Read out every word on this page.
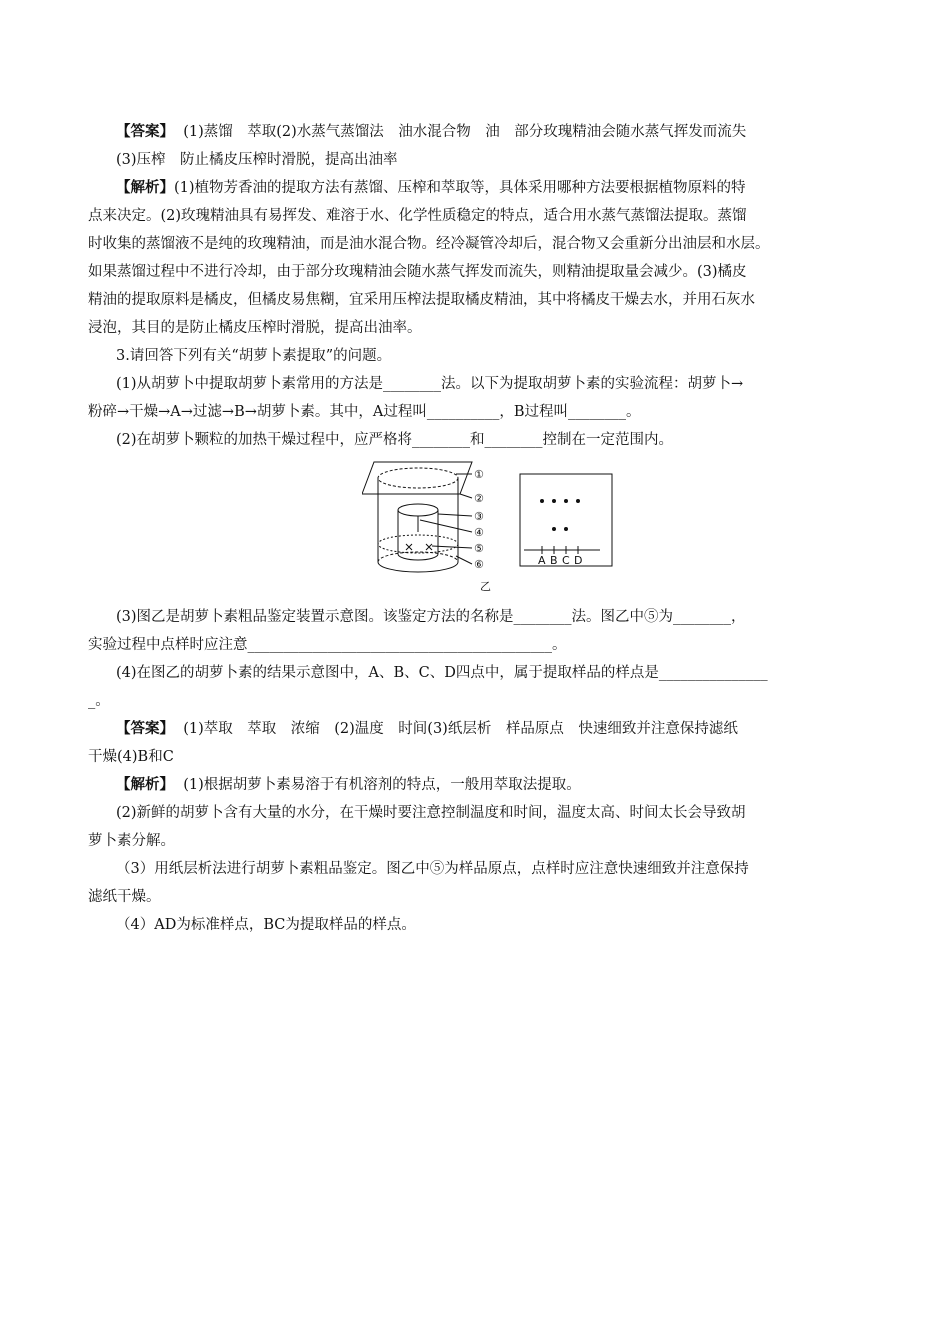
【答案】  (1)蒸馏　萃取(2)水蒸气蒸馏法　油水混合物　油　部分玫瑰精油会随水蒸气挥发而流失
(3)压榨　防止橘皮压榨时滑脱，提高出油率
【解析】(1)植物芳香油的提取方法有蒸馏、压榨和萃取等，具体采用哪种方法要根据植物原料的特
点来决定。(2)玫瑰精油具有易挥发、难溶于水、化学性质稳定的特点，适合用水蒸气蒸馏法提取。蒸馏
时收集的蒸馏液不是纯的玫瑰精油，而是油水混合物。经冷凝管冷却后，混合物又会重新分出油层和水层。
如果蒸馏过程中不进行冷却，由于部分玫瑰精油会随水蒸气挥发而流失，则精油提取量会减少。(3)橘皮
精油的提取原料是橘皮，但橘皮易焦糊，宜采用压榨法提取橘皮精油，其中将橘皮干燥去水，并用石灰水
浸泡，其目的是防止橘皮压榨时滑脱，提高出油率。
3.请回答下列有关“胡萝卜素提取”的问题。
(1)从胡萝卜中提取胡萝卜素常用的方法是________法。以下为提取胡萝卜素的实验流程：胡萝卜→
粉碎→干燥→A→过滤→B→胡萝卜素。其中，A过程叫__________，B过程叫________。
(2)在胡萝卜颗粒的加热干燥过程中，应严格将________和________控制在一定范围内。
①
②
③
④
⑤
⑥	A B C D
乙
(3)图乙是胡萝卜素粗品鉴定装置示意图。该鉴定方法的名称是________法。图乙中⑤为________，
实验过程中点样时应注意__________________________________________。
(4)在图乙的胡萝卜素的结果示意图中，A、B、C、D四点中，属于提取样品的样点是_______________
_。
【答案】  (1)萃取　萃取　浓缩　(2)温度　时间(3)纸层析　样品原点　快速细致并注意保持滤纸
干燥(4)B和C
【解析】  (1)根据胡萝卜素易溶于有机溶剂的特点，一般用萃取法提取。
(2)新鲜的胡萝卜含有大量的水分，在干燥时要注意控制温度和时间，温度太高、时间太长会导致胡
萝卜素分解。
（3）用纸层析法进行胡萝卜素粗品鉴定。图乙中⑤为样品原点，点样时应注意快速细致并注意保持
滤纸干燥。
（4）AD为标准样点，BC为提取样品的样点。
